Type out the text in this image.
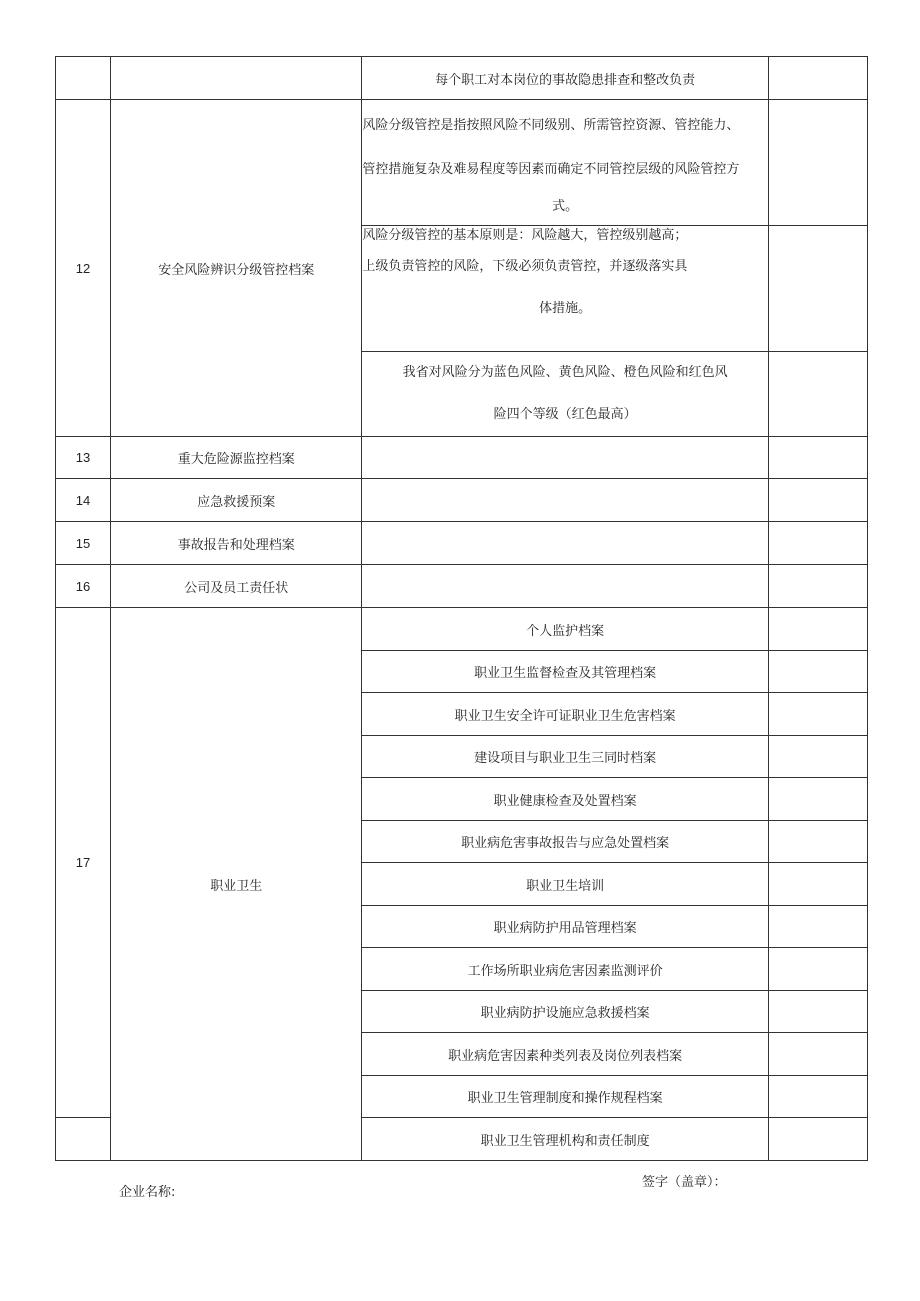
		每个职工对本岗位的事故隐患排查和整改负责	
12	安全风险辨识分级管控档案	风险分级管控是指按照风险不同级别、所需管控资源、管控能力、
管控措施复杂及难易程度等因素而确定不同管控层级的风险管控方
式。	

		风险分级管控的基本原则是：风险越大，管控级别越高；
上级负责管控的风险，下级必须负责管控，并逐级落实具
体措施。	

		我省对风险分为蓝色风险、黄色风险、橙色风险和红色风
险四个等级（红色最高）	

13	重大危险源监控档案		
14	应急救援预案		
15	事故报告和处理档案		
16	公司及员工责任状		
17	职业卫生	个人监护档案	
		职业卫生监督检查及其管理档案	
		职业卫生安全许可证职业卫生危害档案	
		建设项目与职业卫生三同时档案	
		职业健康检查及处置档案	
		职业病危害事故报告与应急处置档案	
		职业卫生培训	
		职业病防护用品管理档案	
		工作场所职业病危害因素监测评价	
		职业病防护设施应急救援档案	
		职业病危害因素种类列表及岗位列表档案	
		职业卫生管理制度和操作规程档案	
		职业卫生管理机构和责任制度	
企业名称:
签字（盖章）：
